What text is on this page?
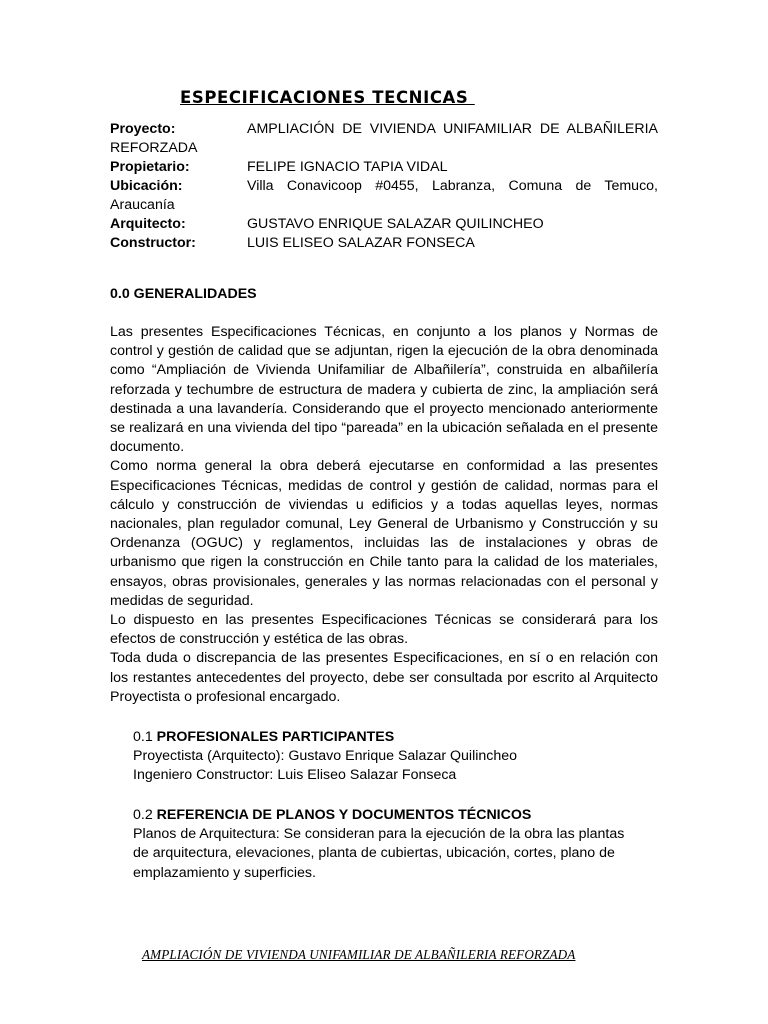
ESPECIFICACIONES TECNICAS
Proyecto:	AMPLIACIÓN DE VIVIENDA UNIFAMILIAR DE ALBAÑILERIA REFORZADA
Propietario:	FELIPE IGNACIO TAPIA VIDAL
Ubicación:	Villa Conavicoop #0455, Labranza, Comuna de Temuco, Araucanía
Arquitecto:	GUSTAVO ENRIQUE SALAZAR QUILINCHEO
Constructor:	LUIS ELISEO SALAZAR FONSECA
0.0 GENERALIDADES

Las presentes Especificaciones Técnicas, en conjunto a los planos y Normas de control y gestión de calidad que se adjuntan, rigen la ejecución de la obra denominada como “Ampliación de Vivienda Unifamiliar de Albañilería”, construida en albañilería reforzada y techumbre de estructura de madera y cubierta de zinc, la ampliación será destinada a una lavandería. Considerando que el proyecto mencionado anteriormente se realizará en una vivienda del tipo “pareada” en la ubicación señalada en el presente documento.

Como norma general la obra deberá ejecutarse en conformidad a las presentes Especificaciones Técnicas, medidas de control y gestión de calidad, normas para el cálculo y construcción de viviendas u edificios y a todas aquellas leyes, normas nacionales, plan regulador comunal, Ley General de Urbanismo y Construcción y su Ordenanza (OGUC) y reglamentos, incluidas las de instalaciones y obras de urbanismo que rigen la construcción en Chile tanto para la calidad de los materiales, ensayos, obras provisionales, generales y las normas relacionadas con el personal y medidas de seguridad.

Lo dispuesto en las presentes Especificaciones Técnicas se considerará para los efectos de construcción y estética de las obras.

Toda duda o discrepancia de las presentes Especificaciones, en sí o en relación con los restantes antecedentes del proyecto, debe ser consultada por escrito al Arquitecto Proyectista o profesional encargado.

0.1 PROFESIONALES PARTICIPANTES
Proyectista (Arquitecto): Gustavo Enrique Salazar Quilincheo
Ingeniero Constructor: Luis Eliseo Salazar Fonseca
0.2 REFERENCIA DE PLANOS Y DOCUMENTOS TÉCNICOS
Planos de Arquitectura: Se consideran para la ejecución de la obra las plantas
de arquitectura, elevaciones, planta de cubiertas, ubicación, cortes, plano de
emplazamiento y superficies.
AMPLIACIÓN DE VIVIENDA UNIFAMILIAR DE ALBAÑILERIA REFORZADA
